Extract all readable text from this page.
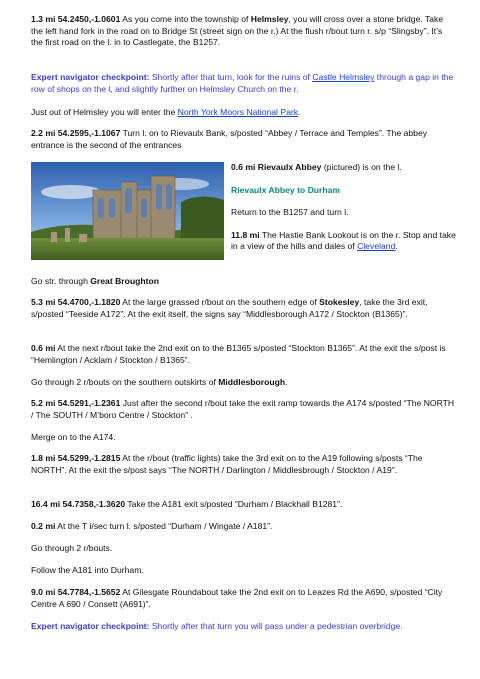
1.3 mi 54.2450,-1.0601 As you come into the township of Helmsley, you will cross over a stone bridge. Take the left hand fork in the road on to Bridge St (street sign on the r.) At the flush r/bout turn r. s/p “Slingsby”. It’s the first road on the l. in to Castlegate, the B1257.

Expert navigator checkpoint: Shortly after that turn, look for the ruins of Castle Helmsley through a gap in the row of shops on the l, and slightly further on Helmsley Church on the r.

Just out of Helmsley you will enter the North York Moors National Park.

2.2 mi 54.2595,-1.1067 Turn l. on to Rievaulx Bank, s/posted “Abbey / Terrace and Temples”. The abbey entrance is the second of the entrances

0.6 mi Rievaulx Abbey (pictured) is on the l.

Rievaulx Abbey to Durham

Return to the B1257 and turn l.

11.8 mi The Hastie Bank Lookout is on the r. Stop and take in a view of the hills and dales of Cleveland.

Go str. through Great Broughton

5.3 mi 54.4700,-1.1820 At the large grassed r/bout on the southern edge of Stokesley, take the 3rd exit, s/posted “Teeside A172”. At the exit itself, the signs say “Middlesborough A172 / Stockton (B1365)”.

0.6 mi At the next r/bout take the 2nd exit on to the B1365 s/posted “Stockton B1365”. At the exit the s/post is “Hemlington / Acklam / Stockton / B1365”.

Go through 2 r/bouts on the southern outskirts of Middlesborough.

5.2 mi 54.5291,-1.2361 Just after the second r/bout take the exit ramp towards the A174 s/posted “The NORTH / The SOUTH / M’boro Centre / Stockton” .

Merge on to the A174.

1.8 mi 54.5299,-1.2815 At the r/bout (traffic lights) take the 3rd exit on to the A19 following s/posts “The NORTH”. At the exit the s/post says “The NORTH / Darlington / Middlesbrough / Stockton / A19”.

16.4 mi 54.7358,-1.3620 Take the A181 exit s/posted “Durham / Blackhall B1281”.

0.2 mi At the T i/sec turn l. s/posted “Durham / Wingate / A181”.

Go through 2 r/bouts.

Follow the A181 into Durham.

9.0 mi 54.7784,-1.5652 At Gilesgate Roundabout take the 2nd exit on to Leazes Rd the A690, s/posted “City Centre A 690 / Consett (A691)”.

Expert navigator checkpoint: Shortly after that turn you will pass under a pedestrian overbridge.
